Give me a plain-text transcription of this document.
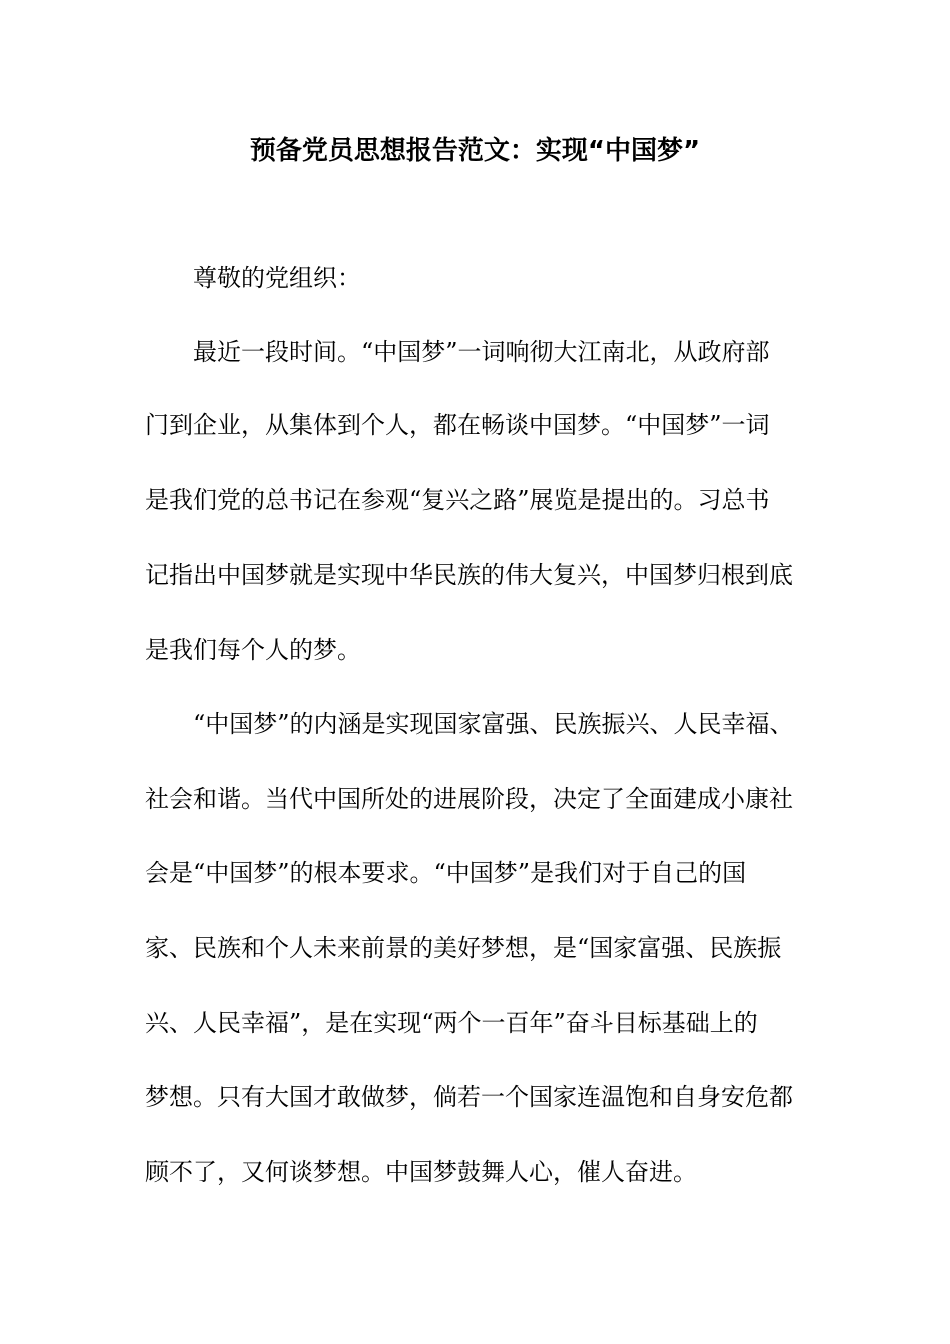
预备党员思想报告范文：实现“中国梦”
尊敬的党组织：
最近一段时间。“中国梦”一词响彻大江南北，从政府部
门到企业，从集体到个人，都在畅谈中国梦。“中国梦”一词
是我们党的总书记在参观“复兴之路”展览是提出的。习总书
记指出中国梦就是实现中华民族的伟大复兴，中国梦归根到底
是我们每个人的梦。
“中国梦”的内涵是实现国家富强、民族振兴、人民幸福、
社会和谐。当代中国所处的进展阶段，决定了全面建成小康社
会是“中国梦”的根本要求。“中国梦”是我们对于自己的国
家、民族和个人未来前景的美好梦想，是“国家富强、民族振
兴、人民幸福”，是在实现“两个一百年”奋斗目标基础上的
梦想。只有大国才敢做梦，倘若一个国家连温饱和自身安危都
顾不了，又何谈梦想。中国梦鼓舞人心，催人奋进。
